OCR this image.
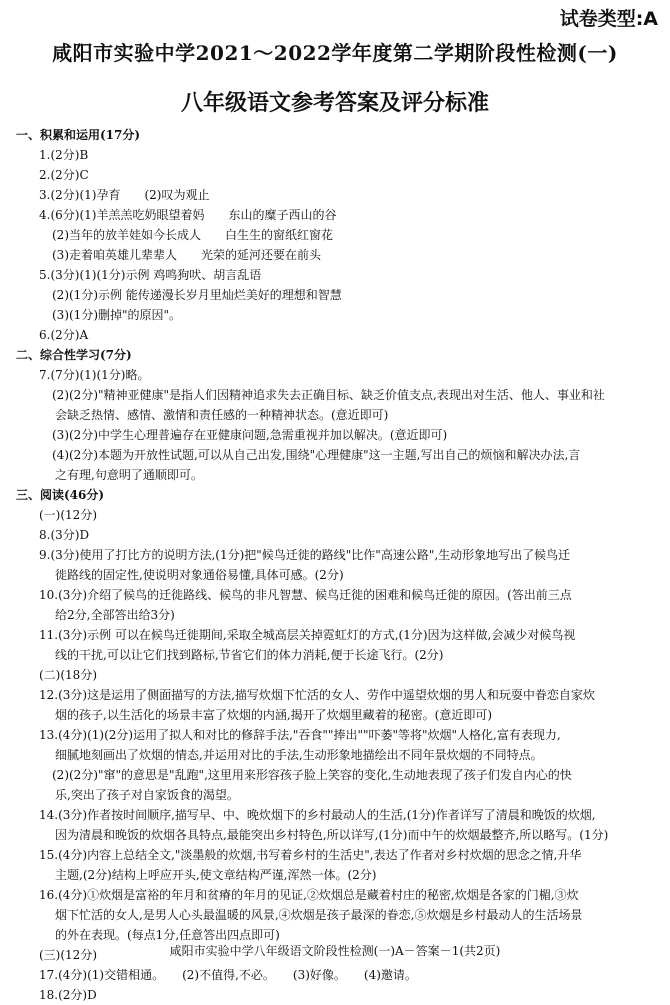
试卷类型:A
咸阳市实验中学2021～2022学年度第二学期阶段性检测(一)
八年级语文参考答案及评分标准
一、积累和运用(17分)
1.(2分)B
2.(2分)C
3.(2分)(1)孕育　　(2)叹为观止
4.(6分)(1)羊羔羔吃奶眼望着妈　　东山的糜子西山的谷
(2)当年的放羊娃如今长成人　　白生生的窗纸红窗花
(3)走着咱英雄儿辈辈人　　光荣的延河还要在前头
5.(3分)(1)(1分)示例 鸡鸣狗吠、胡言乱语
(2)(1分)示例 能传递漫长岁月里灿烂美好的理想和智慧
(3)(1分)删掉"的原因"。
6.(2分)A
二、综合性学习(7分)
7.(7分)(1)(1分)略。
(2)(2分)"精神亚健康"是指人们因精神追求失去正确目标、缺乏价值支点,表现出对生活、他人、事业和社
会缺乏热情、感情、激情和责任感的一种精神状态。(意近即可)
(3)(2分)中学生心理普遍存在亚健康问题,急需重视并加以解决。(意近即可)
(4)(2分)本题为开放性试题,可以从自己出发,围绕"心理健康"这一主题,写出自己的烦恼和解决办法,言
之有理,句意明了通顺即可。
三、阅读(46分)
(一)(12分)
8.(3分)D
9.(3分)使用了打比方的说明方法,(1分)把"候鸟迁徙的路线"比作"高速公路",生动形象地写出了候鸟迁
徙路线的固定性,使说明对象通俗易懂,具体可感。(2分)
10.(3分)介绍了候鸟的迁徙路线、候鸟的非凡智慧、候鸟迁徙的困难和候鸟迁徙的原因。(答出前三点
给2分,全部答出给3分)
11.(3分)示例 可以在候鸟迁徙期间,采取全城高层关掉霓虹灯的方式,(1分)因为这样做,会减少对候鸟视
线的干扰,可以让它们找到路标,节省它们的体力消耗,便于长途飞行。(2分)
(二)(18分)
12.(3分)这是运用了侧面描写的方法,描写炊烟下忙活的女人、劳作中遥望炊烟的男人和玩耍中眷恋自家炊
烟的孩子,以生活化的场景丰富了炊烟的内涵,揭开了炊烟里藏着的秘密。(意近即可)
13.(4分)(1)(2分)运用了拟人和对比的修辞手法,"吞食""捧出""吓萎"等将"炊烟"人格化,富有表现力,
细腻地刻画出了炊烟的情态,并运用对比的手法,生动形象地描绘出不同年景炊烟的不同特点。
(2)(2分)"窜"的意思是"乱跑",这里用来形容孩子脸上笑容的变化,生动地表现了孩子们发自内心的快
乐,突出了孩子对自家饭食的渴望。
14.(3分)作者按时间顺序,描写早、中、晚炊烟下的乡村最动人的生活,(1分)作者详写了清晨和晚饭的炊烟,
因为清晨和晚饭的炊烟各具特点,最能突出乡村特色,所以详写,(1分)而中午的炊烟最整齐,所以略写。(1分)
15.(4分)内容上总结全文,"淡墨般的炊烟,书写着乡村的生活史",表达了作者对乡村炊烟的思念之情,升华
主题,(2分)结构上呼应开头,使文章结构严谨,浑然一体。(2分)
16.(4分)①炊烟是富裕的年月和贫瘠的年月的见证,②炊烟总是藏着村庄的秘密,炊烟是各家的门楣,③炊
烟下忙活的女人,是男人心头最温暖的风景,④炊烟是孩子最深的眷恋,⑤炊烟是乡村最动人的生活场景
的外在表现。(每点1分,任意答出四点即可)
(三)(12分)
17.(4分)(1)交错相通。　　(2)不值得,不必。　　(3)好像。　　(4)邀请。
18.(2分)D
咸阳市实验中学八年级语文阶段性检测(一)A－答案－1(共2页)
